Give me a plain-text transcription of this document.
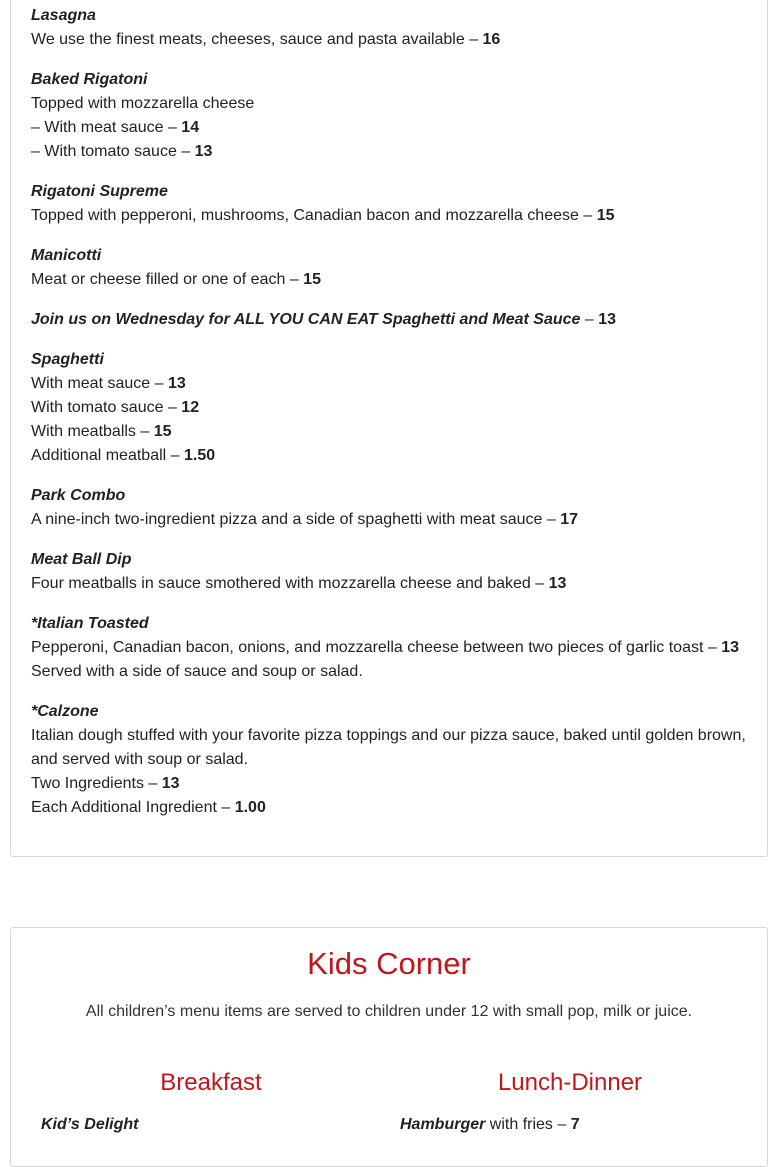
Lasagna
We use the finest meats, cheeses, sauce and pasta available – 16
Baked Rigatoni
Topped with mozzarella cheese
– With meat sauce – 14
– With tomato sauce – 13
Rigatoni Supreme
Topped with pepperoni, mushrooms, Canadian bacon and mozzarella cheese – 15
Manicotti
Meat or cheese filled or one of each – 15
Join us on Wednesday for ALL YOU CAN EAT Spaghetti and Meat Sauce – 13
Spaghetti
With meat sauce – 13
With tomato sauce – 12
With meatballs – 15
Additional meatball – 1.50
Park Combo
A nine-inch two-ingredient pizza and a side of spaghetti with meat sauce – 17
Meat Ball Dip
Four meatballs in sauce smothered with mozzarella cheese and baked – 13
*Italian Toasted
Pepperoni, Canadian bacon, onions, and mozzarella cheese between two pieces of garlic toast – 13
Served with a side of sauce and soup or salad.
*Calzone
Italian dough stuffed with your favorite pizza toppings and our pizza sauce, baked until golden brown, and served with soup or salad.
Two Ingredients – 13
Each Additional Ingredient – 1.00
Kids Corner
All children’s menu items are served to children under 12 with small pop, milk or juice.
Breakfast	Lunch-Dinner
Kid’s Delight	Hamburger with fries – 7
